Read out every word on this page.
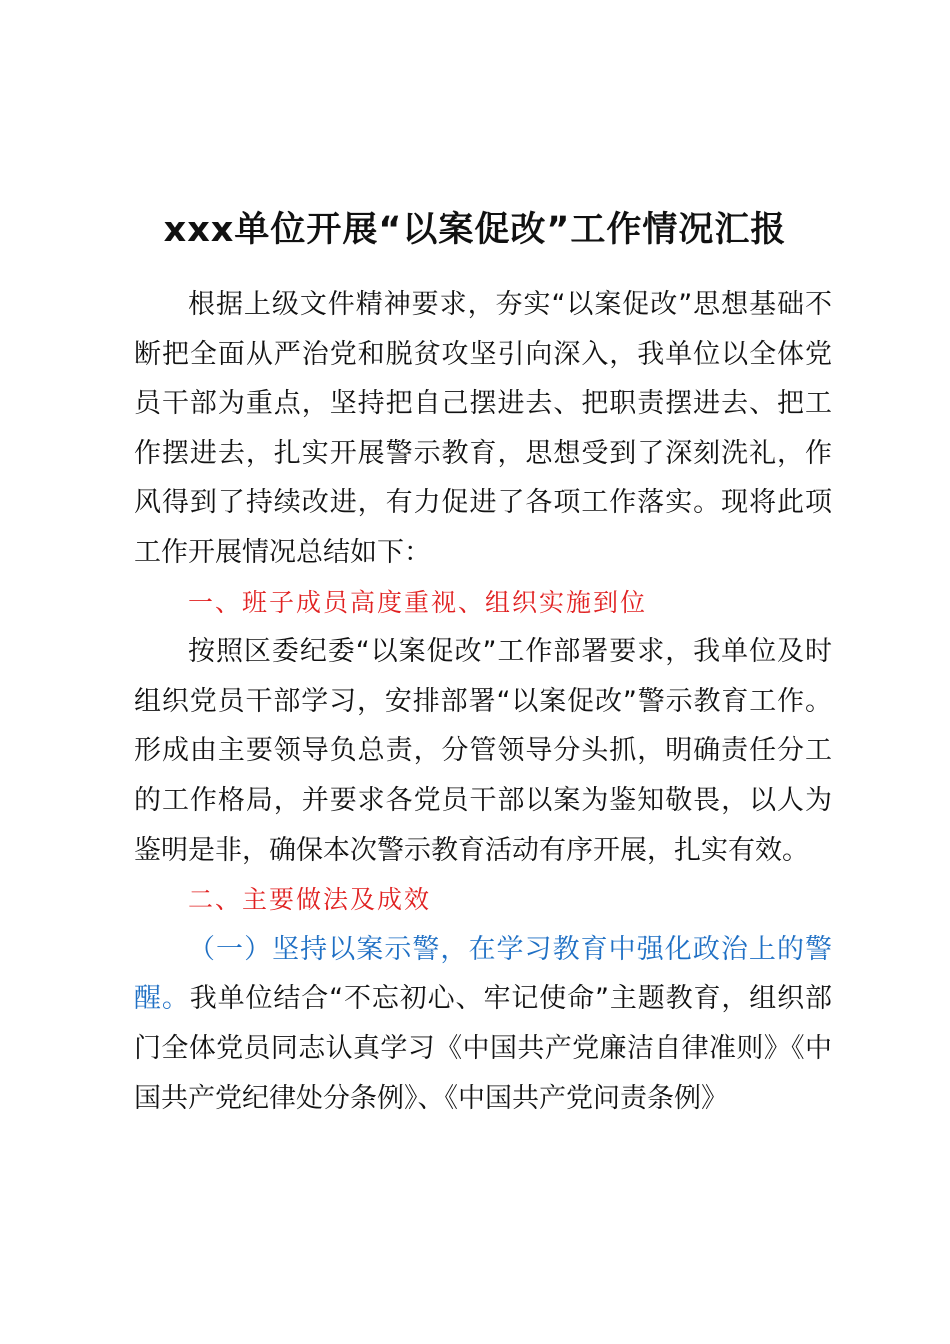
xxx单位开展“以案促改”工作情况汇报

根据上级文件精神要求，夯实“以案促改”思想基础不断把全面从严治党和脱贫攻坚引向深入，我单位以全体党员干部为重点，坚持把自己摆进去、把职责摆进去、把工作摆进去，扎实开展警示教育，思想受到了深刻洗礼，作风得到了持续改进，有力促进了各项工作落实。现将此项工作开展情况总结如下：

一、班子成员高度重视、组织实施到位

按照区委纪委“以案促改”工作部署要求，我单位及时组织党员干部学习，安排部署“以案促改”警示教育工作。形成由主要领导负总责，分管领导分头抓，明确责任分工的工作格局，并要求各党员干部以案为鉴知敬畏，以人为鉴明是非，确保本次警示教育活动有序开展，扎实有效。

二、主要做法及成效

（一）坚持以案示警，在学习教育中强化政治上的警醒。我单位结合“不忘初心、牢记使命”主题教育，组织部门全体党员同志认真学习《中国共产党廉洁自律准则》《中国共产党纪律处分条例》、《中国共产党问责条例》
